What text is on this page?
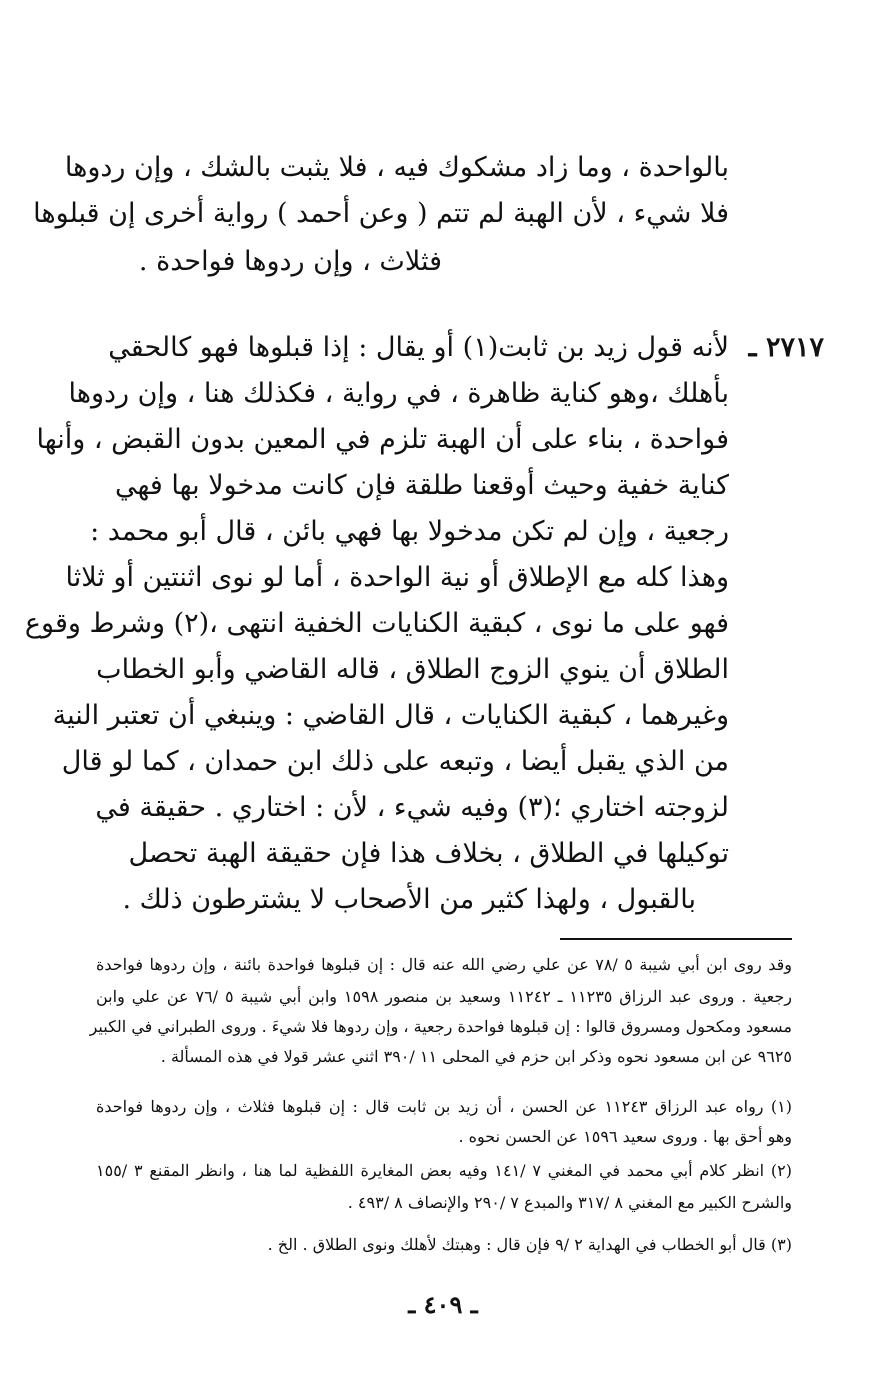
بالواحدة ، وما زاد مشكوك فيه ، فلا يثبت بالشك ، وإن ردوها
فلا شيء ، لأن الهبة لم تتم ( وعن أحمد ) رواية أخرى إن قبلوها
فثلاث ، وإن ردوها فواحدة .
٢٧١٧ ـ
لأنه قول زيد بن ثابت(١) أو يقال : إذا قبلوها فهو كالحقي
بأهلك ،وهو كناية ظاهرة ، في رواية ، فكذلك هنا ، وإن ردوها
فواحدة ، بناء على أن الهبة تلزم في المعين بدون القبض ، وأنها
كناية خفية وحيث أوقعنا طلقة فإن كانت مدخولا بها فهي
رجعية ، وإن لم تكن مدخولا بها فهي بائن ، قال أبو محمد :
وهذا كله مع الإطلاق أو نية الواحدة ، أما لو نوى اثنتين أو ثلاثا
فهو على ما نوى ، كبقية الكنايات الخفية انتهى ،(٢) وشرط وقوع
الطلاق أن ينوي الزوج الطلاق ، قاله القاضي وأبو الخطاب
وغيرهما ، كبقية الكنايات ، قال القاضي : وينبغي أن تعتبر النية
من الذي يقبل أيضا ، وتبعه على ذلك ابن حمدان ، كما لو قال
لزوجته اختاري ؛(٣) وفيه شيء ، لأن : اختاري . حقيقة في
توكيلها في الطلاق ، بخلاف هذا فإن حقيقة الهبة تحصل
بالقبول ، ولهذا كثير من الأصحاب لا يشترطون ذلك .
وقد روى ابن أبي شيبة ٥ /٧٨ عن علي رضي الله عنه قال : إن قبلوها فواحدة بائنة ، وإن ردوها فواحدة
رجعية . وروى عبد الرزاق ١١٢٣٥ ـ ١١٢٤٢ وسعيد بن منصور ١٥٩٨ وابن أبي شيبة ٥ /٧٦ عن علي وابن
مسعود ومكحول ومسروق قالوا : إن قبلوها فواحدة رجعية ، وإن ردوها فلا شيءَ . وروى الطبراني في الكبير
٩٦٢٥ عن ابن مسعود نحوه وذكر ابن حزم في المحلى ١١ /٣٩٠ اثني عشر قولا في هذه المسألة .
(١) رواه عبد الرزاق ١١٢٤٣ عن الحسن ، أن زيد بن ثابت قال : إن قبلوها فثلاث ، وإن ردوها فواحدة
وهو أحق بها . وروى سعيد ١٥٩٦ عن الحسن نحوه .
(٢) انظر كلام أبي محمد في المغني ٧ /١٤١ وفيه بعض المغايرة اللفظية لما هنا ، وانظر المقنع ٣ /١٥٥
والشرح الكبير مع المغني ٨ /٣١٧ والمبدع ٧ /٢٩٠ والإنصاف ٨ /٤٩٣ .
(٣) قال أبو الخطاب في الهداية ٢ /٩ فإن قال : وهبتك لأهلك ونوى الطلاق . الخ .
ـ ٤٠٩ ـ
